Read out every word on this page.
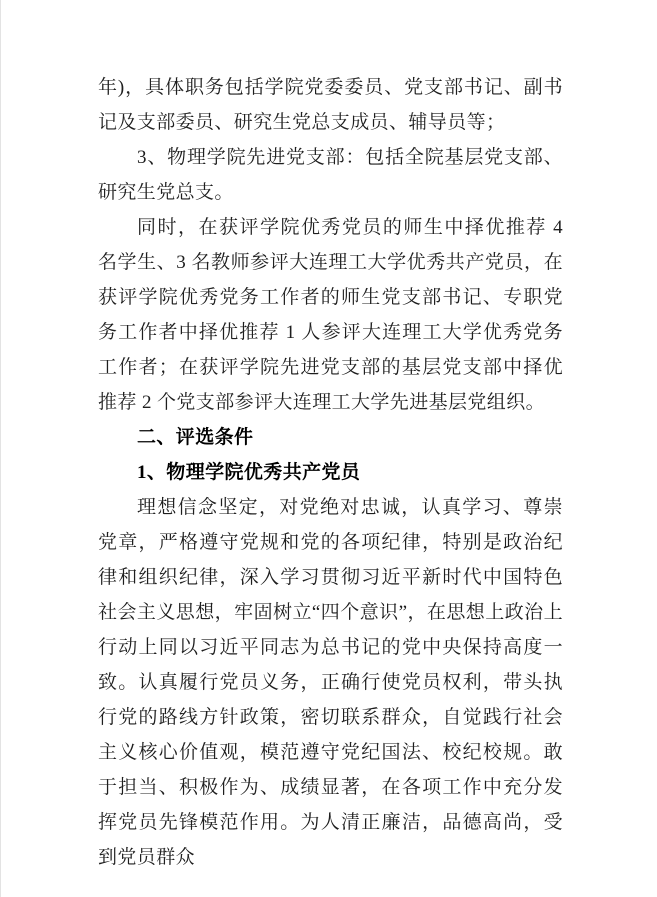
年)，具体职务包括学院党委委员、党支部书记、副书记及支部委员、研究生党总支成员、辅导员等；

3、物理学院先进党支部：包括全院基层党支部、研究生党总支。

同时，在获评学院优秀党员的师生中择优推荐 4 名学生、3 名教师参评大连理工大学优秀共产党员，在获评学院优秀党务工作者的师生党支部书记、专职党务工作者中择优推荐 1 人参评大连理工大学优秀党务工作者；在获评学院先进党支部的基层党支部中择优推荐 2 个党支部参评大连理工大学先进基层党组织。

二、评选条件

1、物理学院优秀共产党员

理想信念坚定，对党绝对忠诚，认真学习、尊崇党章，严格遵守党规和党的各项纪律，特别是政治纪律和组织纪律，深入学习贯彻习近平新时代中国特色社会主义思想，牢固树立“四个意识”，在思想上政治上行动上同以习近平同志为总书记的党中央保持高度一致。认真履行党员义务，正确行使党员权利，带头执行党的路线方针政策，密切联系群众，自觉践行社会主义核心价值观，模范遵守党纪国法、校纪校规。敢于担当、积极作为、成绩显著，在各项工作中充分发挥党员先锋模范作用。为人清正廉洁，品德高尚，受到党员群众
